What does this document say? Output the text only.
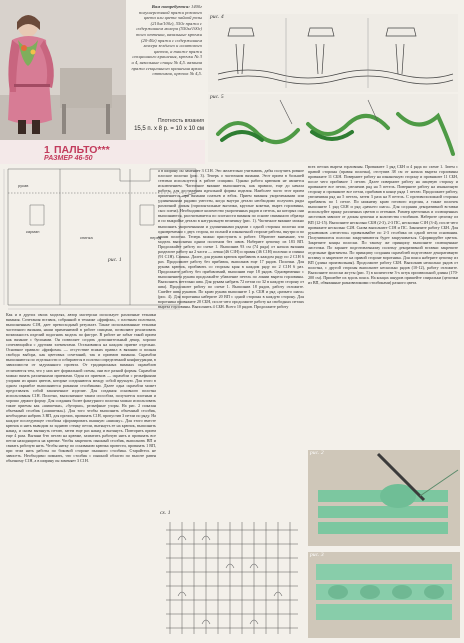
Вам потребуется: 1400г полушерстяной пряжи розового цвета или цвета чайной розы (210м/100г), 550г пряжи с содержанием мохера (550м/100г) того оттенка, вязальные крючки (20-40г) пряжи с содержанием мохера зелёного и салатового цветов, а также пряжи секционного крашения, крючки № 3 и 4, вязальные спицы № 4,5. вязаная пряжа секционного крашения ярких оттенков, крючок № 4,5.
Плотность вязания
15,5 п. х 8 р. = 10 х 10 см
1 ПАЛЬТО***
РАЗМЕР 46-50
рис. 1
рукав
спинка	перед
карман

Как и в других своих моделях, автор мастерски использует различные техники вязания. Сочетания вставок, собранной в технике «фрифом», с плотным полотном, выполненным С1Н, дает превосходный результат. Также использованные техники частичного вязания, наши применяемой в работе спицами, позволяют реализовать возможность изделий подогнать модель по фигуре. В работе не забыт такой прием как вязание с бусинами. Он позволяет создать дополнительный декор, хорошо сочетающийся с другими элементами. Остановимся на каждом приеме отдельно. Основное правило «фрифома» — отсутствие всяких правил в вязании и полная свобода выбора, как цветовых сочетаний, так и приемов вязания. Скрамбли выполняются по отдельности и собираются в полотно определенной конфигурации, в зависимости от задуманного проекта. От традиционных вязаных скрамблов отличаются тем, что у них нет формальной схемы, они все разной формы. Скрамбли можно вязать различными приемами. Один из приемов — скрамбли с рельефными узорами из ярких цветов, которые соединяются между собой вручную. Для этого в одном скрамбле выполняются разными столбиками. Далее одна скрамбли может представлять собой законченное изделие. Для создания основного полотна использованы С1Н. Полотно, выполненное таким способом, получается плотным и хорошо держит форму. Для создания более фактурного полотна можно использовать такие приемы как «шишечки», «бугорки», рельефные узоры. На рис. 2 показан объемный столбик («шишечка»). Для того чтобы выполнить объемный столбик, необходимо набрать 3 ВП, для прочих, провязать С1Н, пропустив 3 петли по ряду. На каждое последующее столбика сформировать пышную «шишку». Для этого вместе крючок и нить выводим за заднюю стенку петли, вытянуть ее на крючок, выполнить накид, и снова вытянуть петлю, затем еще раз накид и вытянуть. Повторить прием еще 4 раза. Вытяни 6-ю петлю на крючке, захватить рабочую нить и провязать все петли находящиеся на крючке. Чтобы закрепить пышный столбик, выполнить ВП и связать рабочую нить. Чтобы нитку по основанию крючка провести, провязать 1 ВП, при этом нить работы по боковой стороне пышного столбика. Старайтесь не зависеть. Необходимо помнить, что столбик с пышной области по высоте равен обычному С1Н, а в ширину он заменяет 3 С1Н.

а в ширину он заменяет 3 С1Н. Это желательно учитывать, дабы получить ровное плоское полотно (рис. 3). Теперь о частичном вязании. Этот прием в большей степени используется в работе спицами. Однако работа крючком не является исключением. Частичное вязание выполняется, как правило, еще до начала работы, для достижения идеальной формы изделия. Наиболее часто этот прием применяется при вязании платьев и юбок. Прием вязания укороченными или удлиненными рядами уместен, когда внутри детали необходимо получить ряды различной длины (горизонтальные вытачки, круглые кокетки, вырез горловины, скос плеча). Необходимое количество укороченных рядов и петель, на которых они выполняются, рассчитывается по плотности вязания по основе связанного образца и по выкройке детали в натуральную величину (рис. 1). Частичное вязание можно выполнять укороченными и удлиненными рядами с одной стороны полотна или одновременно с двух сторон, по полной и изнаночной стороне работы, внутри и по краям полотна. Теперь можно приступить к работе. Обратите внимание, что модель выполнена одним полотном без швов. Наберите цепочку из 183 ВП. Продолжайте работу по схеме 1. Выполнив 93 см (74 ряда) от начала вязания разделите работу на 2 части — левая (46 С1Н) и правая (46 С1Н) полочки и спинка (91 С1Н). Спинка. Далее, для рукава крючок прибавить в каждом ряду по 2 С1Н 6 раз. Продолжите работу без прибавок, выполнив еще 17 рядов. Полочки. Для рукава крючок, прибавить со стороны края в каждом ряду по 2 С1Н 6 раз. Продолжите работу без прибавлений, выполнив еще 18 рядов. Одновременно с выполнением рукава продолжайте убавление петель по линии выреза горловины. Выполнить петельки шва. Для рукава набрать 72 петли по 32 в каждую сторону от шва). Продолжите работу по схеме 1. Выполнив 18 рядов, работу отложите. Сшейте швы рукавов. По краю рукава выполните 1 р. СБН и ряд «рачьего шага» (рис. 4). Для воротника наберите 20 ВП с одной стороны в каждую сторону. Для воротника провяжите 20 СБН, после чего продолжите работу на свободных петлях выреза горловины. Выполнить 4 СБН. Всего 10 рядов. Продолжите работу

всех петлях выреза горловины. Провяжите 1 ряд СБН и 4 ряда по схеме 1. Затем с правой стороны (правая полочка), отступив 38 см от начала выреза горловины провяжите 11 СБН. Поверните работу на изнаночную сторону и провяжите 11 СБН, после чего прибавьте 1 петлю. Далее поверните работу на лицевую сторону и провяжите все петли, увеличив ряд на 5 петель. Поверните работу на изнаночную сторону и провяжите все петли, прибавив в конце ряда 1 петлю. Продолжите работу, увеличивая ряд на 5 петель, затем 3 раза на 8 петель. С противоположной стороны прибавить по 1 петле. По нижнему краю готового изделия, а также полочек выполните 1 ряд СБН и ряд «рачьего шага». Для создания декоративной вставки используйте пряжу различных цветов и оттенков. Размер цветочных и сплющенных листочков зависит от длины цепочки и количества столбиков. Наберите цепочку из ВП (12-15). Выполните несколько СБН (2-3), 2-3 ПС, несколько С1Н (3-4), после чего провяжите несколько С2Н. Снова выполните С1Н и ПС. Закончите работу СБН. Для рукавчиков «лепесток» провязывайте по 2-3 столбика из одной петли основания. Получившиеся полоски закручиваются будет закручиваться. Сформируйте цветок. Закрепите концы полоски. По такому же принципу выполните сплющенные листочки. По заранее подготовленному полотну декоративной вставки закрепите отдельные фрагменты. По принципу создания скрамблей подготовьте декоративную вставку и закрепите ее на правой стороне воротника. Для пояса наберите цепочку из ВП (длина произвольная). Продолжите работу СБН. Выполнив несколько рядов от полотна, с другой стороны выполните несколько рядов (10-12), работу отложите. Выполните полоски жгуты (рис. 5) в количестве 3-х штук произвольной длины (170-200 см). Пришейте их вдоль пояса. На концах шнуров пришейте спиральки (цепочки из ВП, обвязанные разновеликими столбиками) разного цвета.

рис. 4
рис. 5
сх. 1
рис. 2
рис. 3
